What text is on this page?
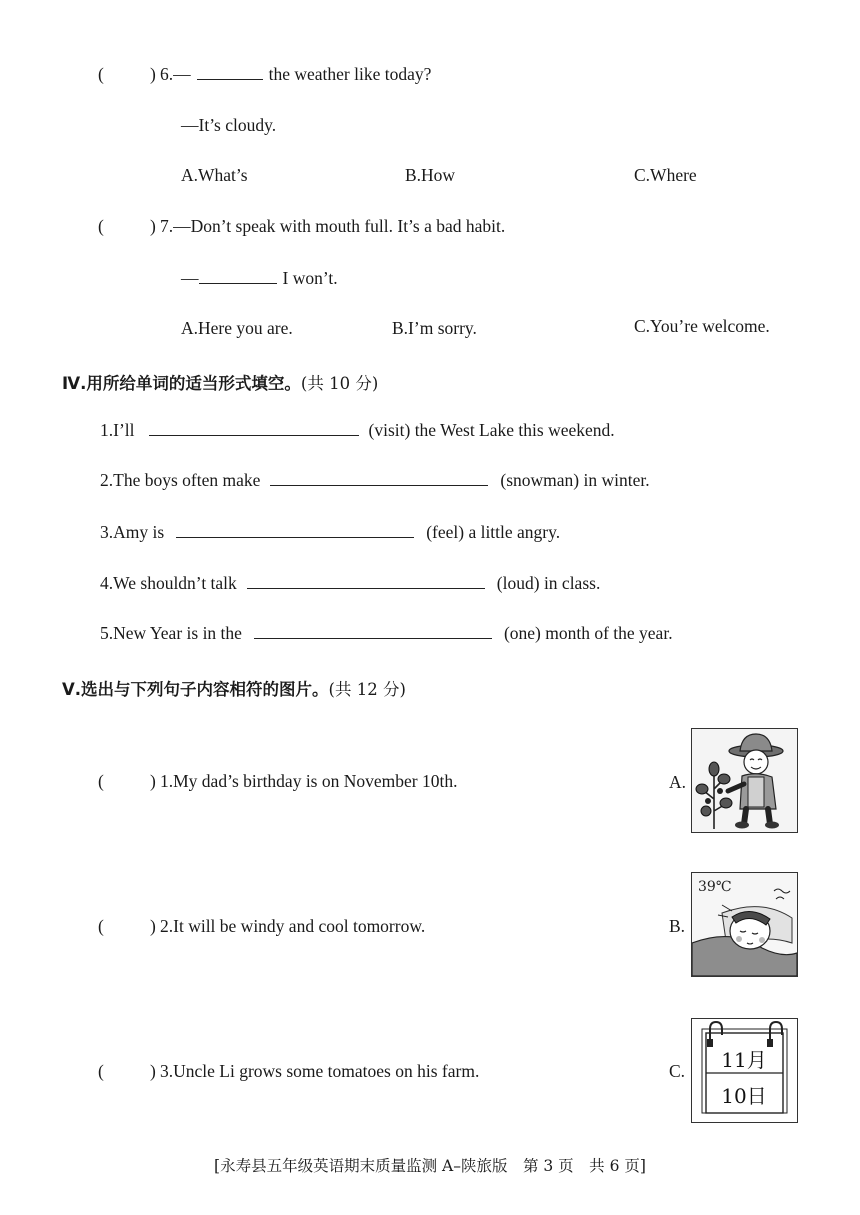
(	) 6.—	the weather like today?
—It’s cloudy.
A.What’s	B.How	C.Where
(	) 7.—Don’t speak with mouth full. It’s a bad habit.
—	I won’t.
A.Here you are.	B.I’m sorry.	C.You’re welcome.
Ⅳ.用所给单词的适当形式填空。(共 10 分)
1.I’ll	(visit) the West Lake this weekend.
2.The boys often make	(snowman) in winter.
3.Amy is	(feel) a little angry.
4.We shouldn’t talk	(loud) in class.
5.New Year is in the	(one) month of the year.
Ⅴ.选出与下列句子内容相符的图片。(共 12 分)
(	) 1.My dad’s birthday is on November 10th.	A.
(	) 2.It will be windy and cool tomorrow.	B.
(	) 3.Uncle Li grows some tomatoes on his farm.	C.
39℃
11月
10日
[永寿县五年级英语期末质量监测 A–陕旅版　第 3 页　共 6 页]
